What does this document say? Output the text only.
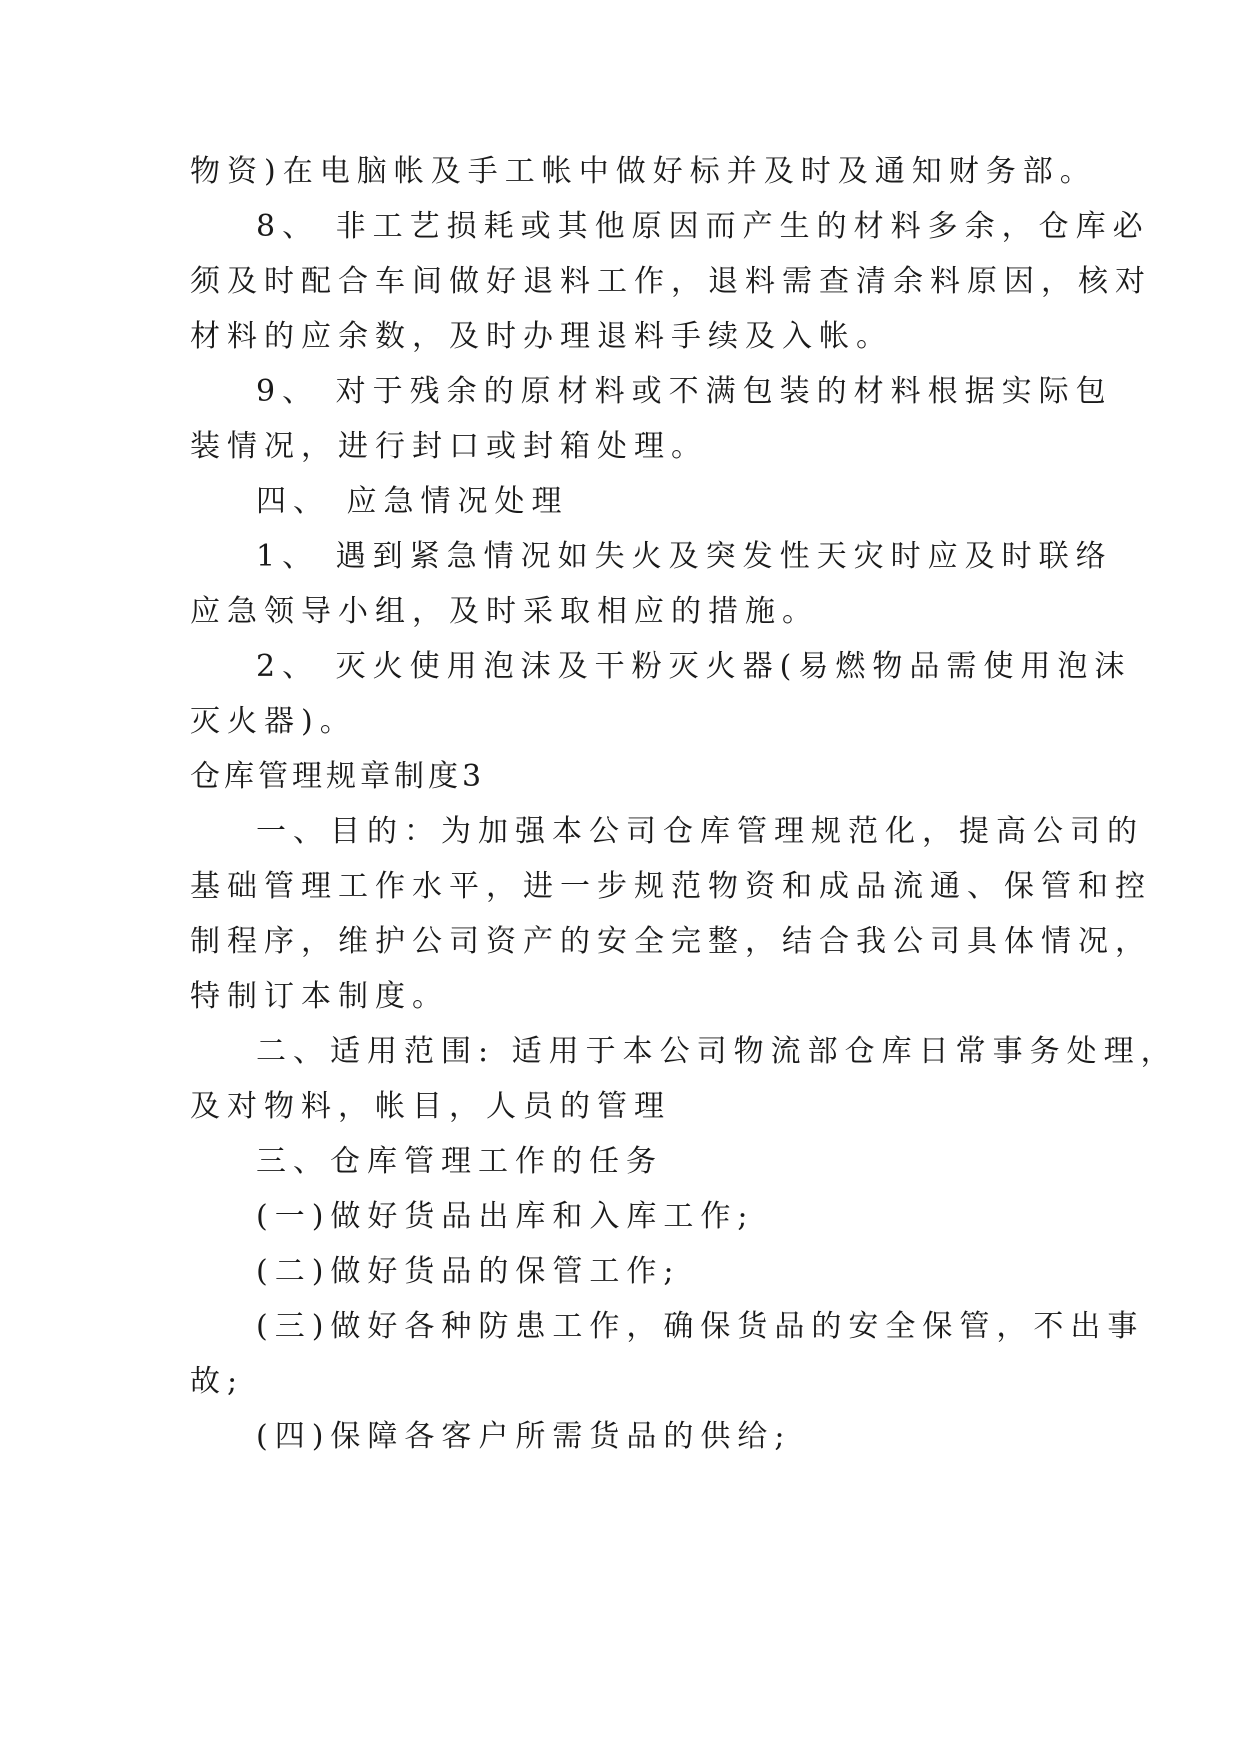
物资)在电脑帐及手工帐中做好标并及时及通知财务部。
8、 非工艺损耗或其他原因而产生的材料多余，仓库必
须及时配合车间做好退料工作，退料需查清余料原因，核对
材料的应余数，及时办理退料手续及入帐。
9、 对于残余的原材料或不满包装的材料根据实际包
装情况，进行封口或封箱处理。
四、 应急情况处理
1、 遇到紧急情况如失火及突发性天灾时应及时联络
应急领导小组，及时采取相应的措施。
2、 灭火使用泡沫及干粉灭火器(易燃物品需使用泡沫
灭火器)。
仓库管理规章制度3
一、目的：为加强本公司仓库管理规范化，提高公司的
基础管理工作水平，进一步规范物资和成品流通、保管和控
制程序，维护公司资产的安全完整，结合我公司具体情况，
特制订本制度。
二、适用范围: 适用于本公司物流部仓库日常事务处理，
及对物料，帐目，人员的管理
三、仓库管理工作的任务
(一)做好货品出库和入库工作;
(二)做好货品的保管工作;
(三)做好各种防患工作，确保货品的安全保管，不出事
故;
(四)保障各客户所需货品的供给;
